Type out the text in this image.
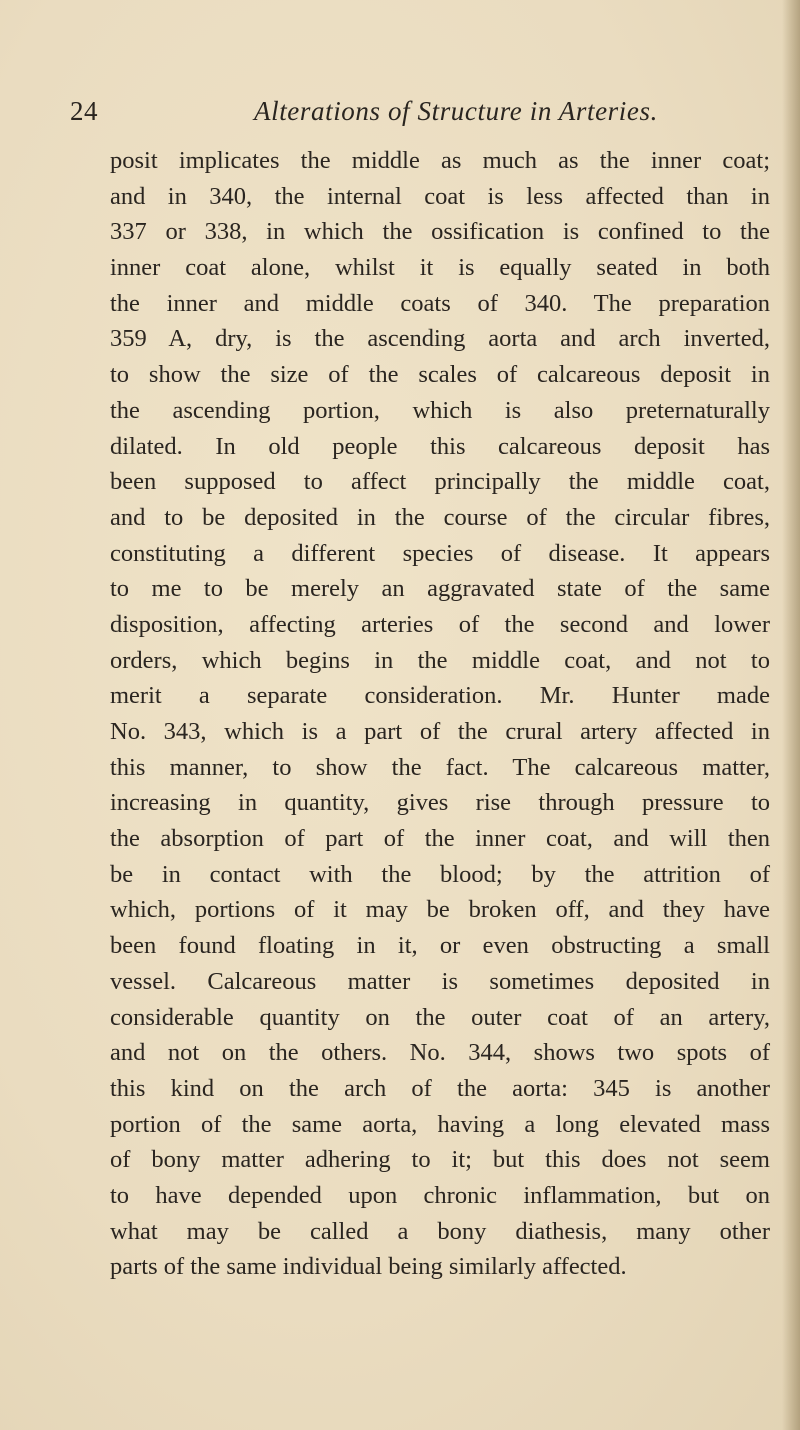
24	Alterations of Structure in Arteries.
posit implicates the middle as much as the inner coat;
and in 340, the internal coat is less affected than in
337 or 338, in which the ossification is confined to the
inner coat alone, whilst it is equally seated in both
the inner and middle coats of 340. The preparation
359 A, dry, is the ascending aorta and arch inverted,
to show the size of the scales of calcareous deposit in
the ascending portion, which is also preternaturally
dilated. In old people this calcareous deposit has
been supposed to affect principally the middle coat,
and to be deposited in the course of the circular fibres,
constituting a different species of disease. It appears
to me to be merely an aggravated state of the same
disposition, affecting arteries of the second and lower
orders, which begins in the middle coat, and not to
merit a separate consideration. Mr. Hunter made
No. 343, which is a part of the crural artery affected in
this manner, to show the fact. The calcareous matter,
increasing in quantity, gives rise through pressure to
the absorption of part of the inner coat, and will then
be in contact with the blood; by the attrition of
which, portions of it may be broken off, and they have
been found floating in it, or even obstructing a small
vessel. Calcareous matter is sometimes deposited in
considerable quantity on the outer coat of an artery,
and not on the others. No. 344, shows two spots of
this kind on the arch of the aorta: 345 is another
portion of the same aorta, having a long elevated mass
of bony matter adhering to it; but this does not seem
to have depended upon chronic inflammation, but on
what may be called a bony diathesis, many other
parts of the same individual being similarly affected.
